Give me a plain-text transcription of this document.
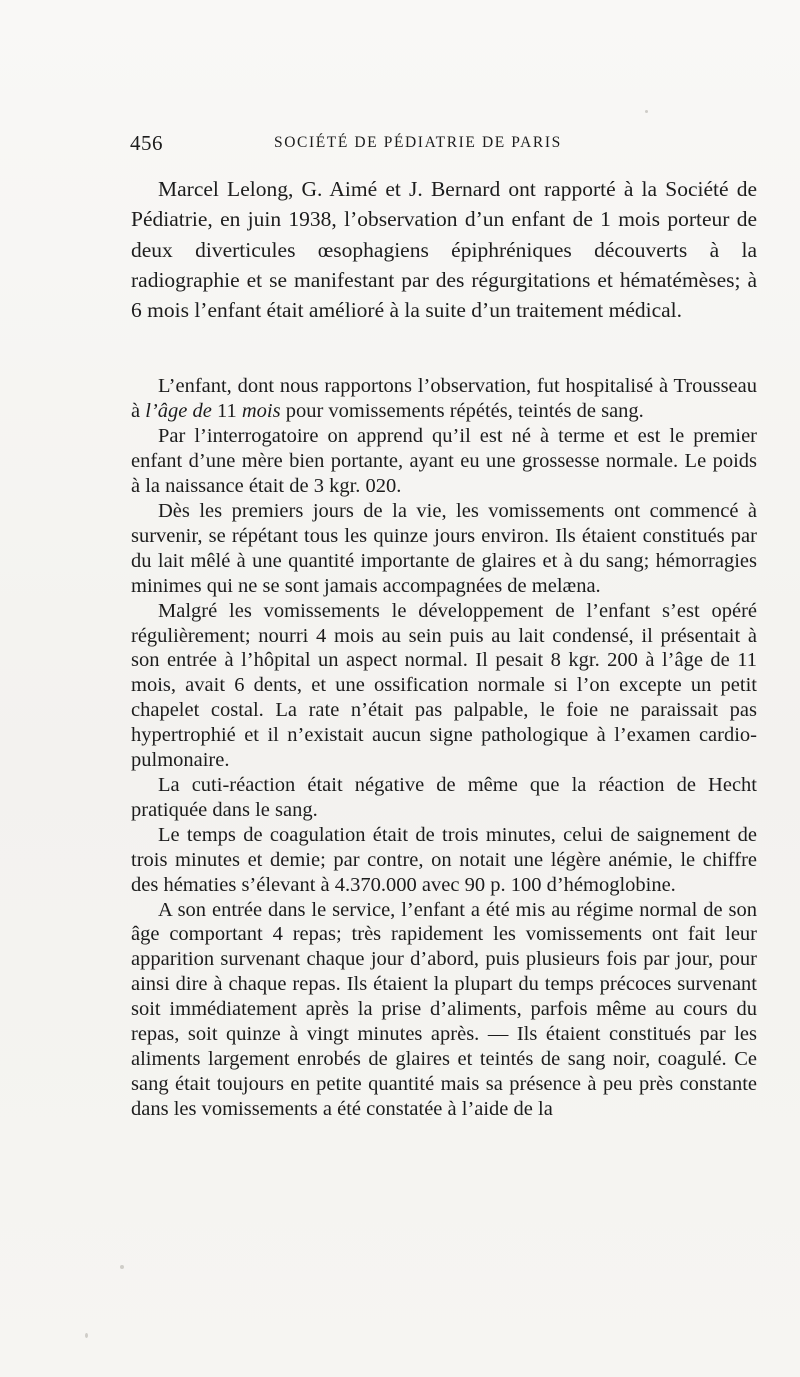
456	SOCIÉTÉ DE PÉDIATRIE DE PARIS

Marcel Lelong, G. Aimé et J. Bernard ont rapporté à la Société de Pédiatrie, en juin 1938, l’observation d’un enfant de 1 mois porteur de deux diverticules œsophagiens épiphréniques découverts à la radiographie et se manifestant par des régurgitations et hématémèses; à 6 mois l’enfant était amélioré à la suite d’un traitement médical.

L’enfant, dont nous rapportons l’observation, fut hospitalisé à Trousseau à l’âge de 11 mois pour vomissements répétés, teintés de sang.

Par l’interrogatoire on apprend qu’il est né à terme et est le premier enfant d’une mère bien portante, ayant eu une grossesse normale. Le poids à la naissance était de 3 kgr. 020.

Dès les premiers jours de la vie, les vomissements ont commencé à survenir, se répétant tous les quinze jours environ. Ils étaient constitués par du lait mêlé à une quantité importante de glaires et à du sang; hémorragies minimes qui ne se sont jamais accompagnées de melæna.

Malgré les vomissements le développement de l’enfant s’est opéré régulièrement; nourri 4 mois au sein puis au lait condensé, il présentait à son entrée à l’hôpital un aspect normal. Il pesait 8 kgr. 200 à l’âge de 11 mois, avait 6 dents, et une ossification normale si l’on excepte un petit chapelet costal. La rate n’était pas palpable, le foie ne paraissait pas hypertrophié et il n’existait aucun signe pathologique à l’examen cardio-pulmonaire.

La cuti-réaction était négative de même que la réaction de Hecht pratiquée dans le sang.

Le temps de coagulation était de trois minutes, celui de saignement de trois minutes et demie; par contre, on notait une légère anémie, le chiffre des hématies s’élevant à 4.370.000 avec 90 p. 100 d’hémoglobine.

A son entrée dans le service, l’enfant a été mis au régime normal de son âge comportant 4 repas; très rapidement les vomissements ont fait leur apparition survenant chaque jour d’abord, puis plusieurs fois par jour, pour ainsi dire à chaque repas. Ils étaient la plupart du temps précoces survenant soit immédiatement après la prise d’aliments, parfois même au cours du repas, soit quinze à vingt minutes après. — Ils étaient constitués par les aliments largement enrobés de glaires et teintés de sang noir, coagulé. Ce sang était toujours en petite quantité mais sa présence à peu près constante dans les vomissements a été constatée à l’aide de la
